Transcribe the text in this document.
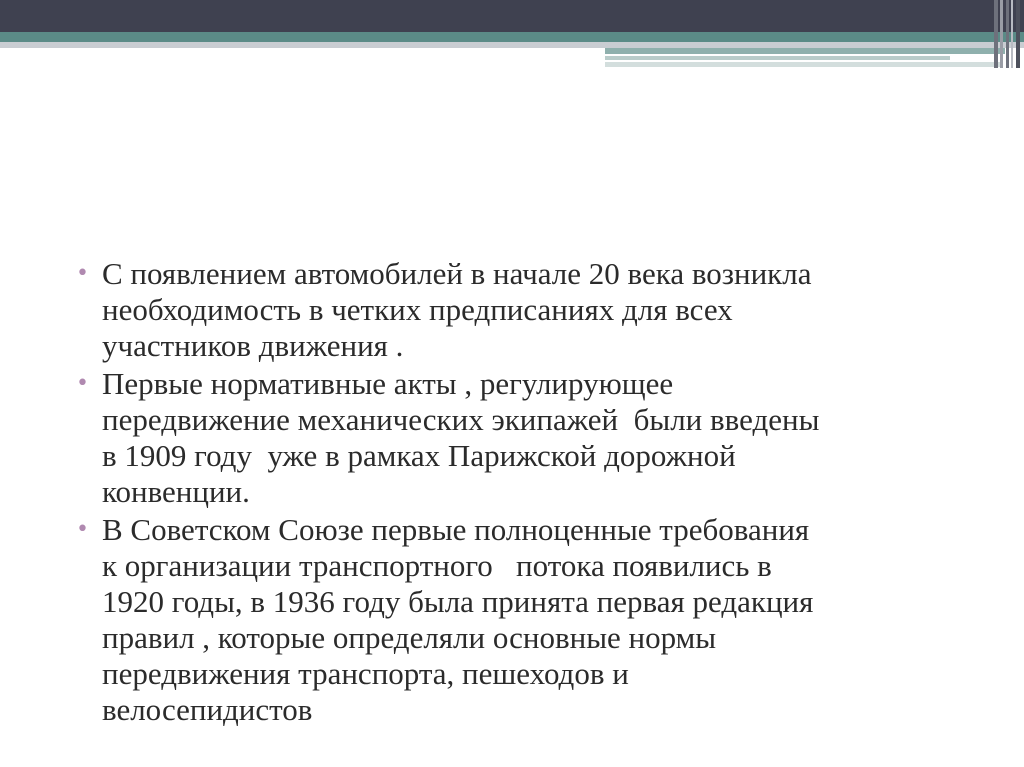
• С появлением автомобилей в начале 20 века возникла
необходимость в четких предписаниях для всех
участников движения .
• Первые нормативные акты , регулирующее
передвижение механических экипажей  были введены
в 1909 году  уже в рамках Парижской дорожной
конвенции.
• В Советском Союзе первые полноценные требования
к организации транспортного   потока появились в
1920 годы, в 1936 году была принята первая редакция
правил , которые определяли основные нормы
передвижения транспорта, пешеходов и
велосепидистов
